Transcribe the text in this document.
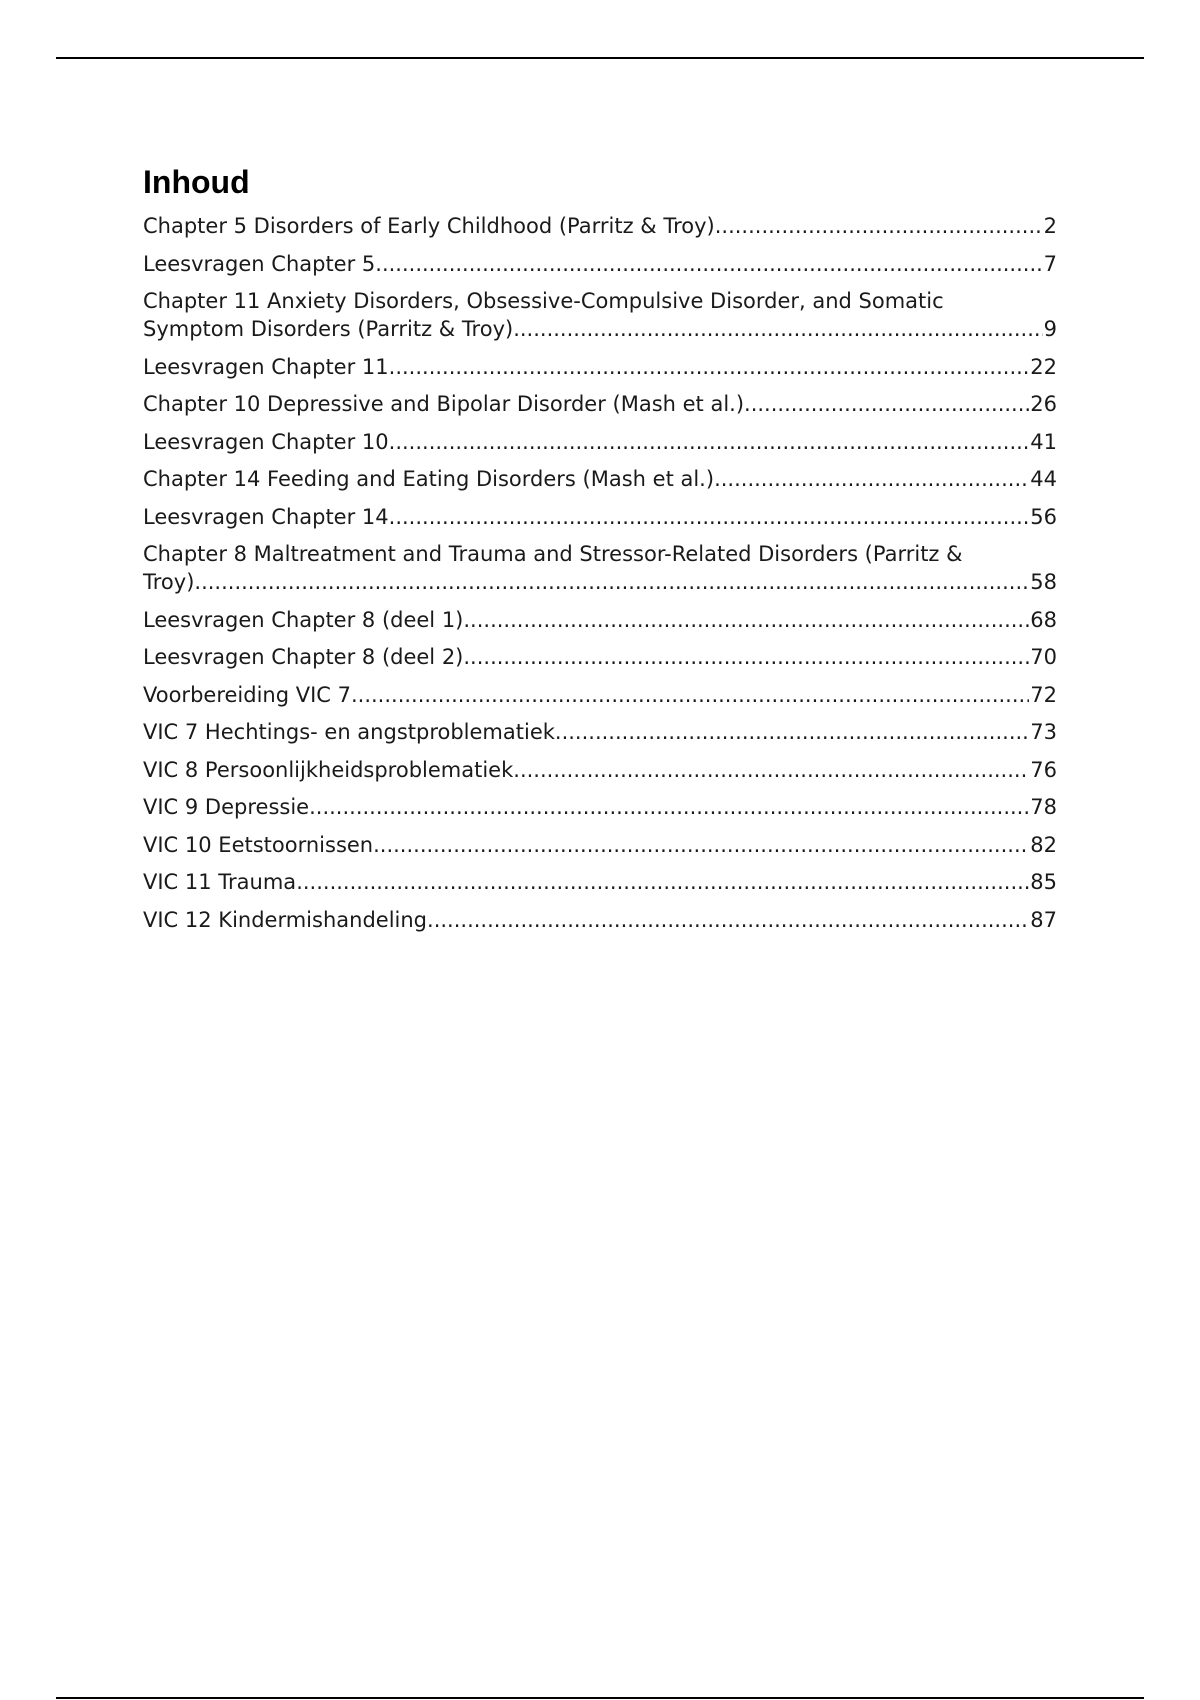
Inhoud
Chapter 5 Disorders of Early Childhood (Parritz & Troy) .....	2
Leesvragen Chapter 5 .....	7
Chapter 11 Anxiety Disorders, Obsessive-Compulsive Disorder, and Somatic
Symptom Disorders (Parritz & Troy) .....	9
Leesvragen Chapter 11 .....	22
Chapter 10 Depressive and Bipolar Disorder (Mash et al.) .....	26
Leesvragen Chapter 10 .....	41
Chapter 14 Feeding and Eating Disorders (Mash et al.) .....	44
Leesvragen Chapter 14 .....	56
Chapter 8 Maltreatment and Trauma and Stressor-Related Disorders (Parritz &
Troy) .....	58
Leesvragen Chapter 8 (deel 1) .....	68
Leesvragen Chapter 8 (deel 2) .....	70
Voorbereiding VIC 7 .....	72
VIC 7 Hechtings- en angstproblematiek .....	73
VIC 8 Persoonlijkheidsproblematiek .....	76
VIC 9 Depressie .....	78
VIC 10 Eetstoornissen .....	82
VIC 11 Trauma .....	85
VIC 12 Kindermishandeling .....	87
